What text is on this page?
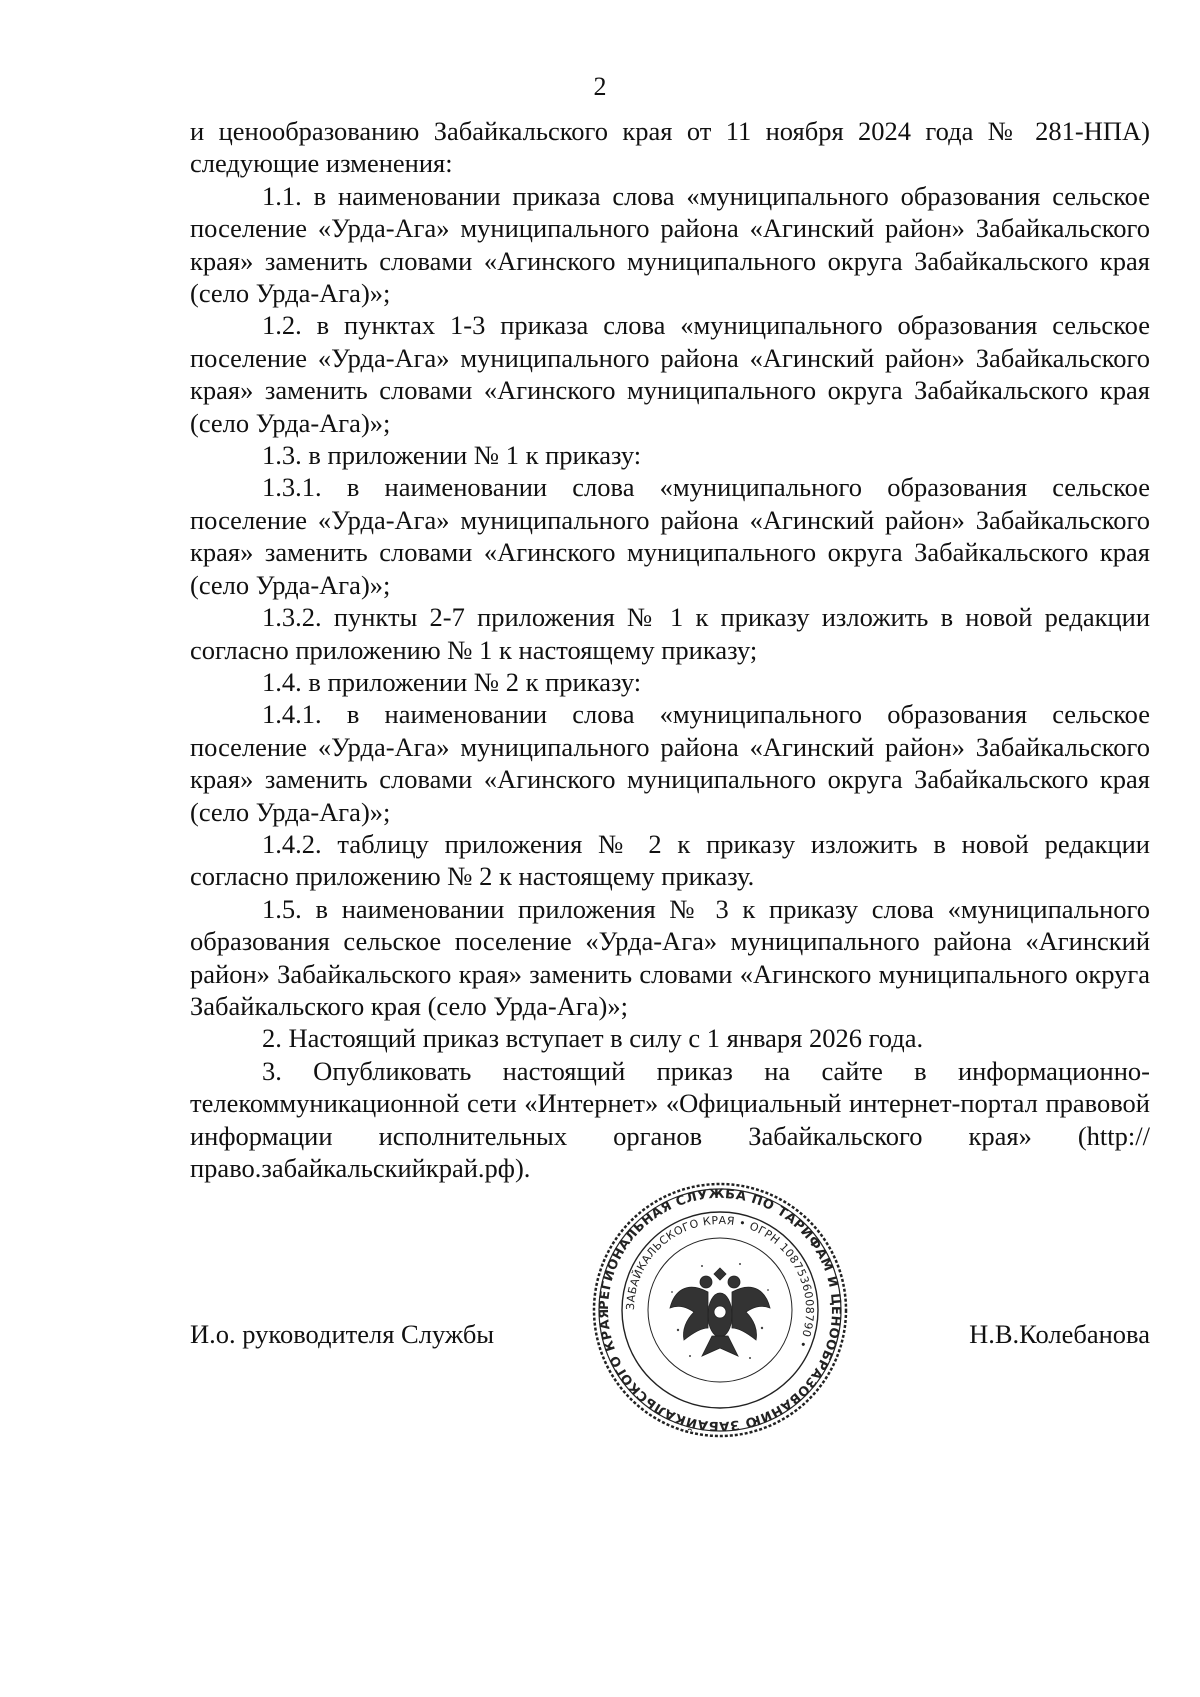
2

и ценообразованию Забайкальского края от 11 ноября 2024 года № 281-НПА) следующие изменения:

1.1. в наименовании приказа слова «муниципального образования сельское поселение «Урда-Ага» муниципального района «Агинский район» Забайкальского края» заменить словами «Агинского муниципального округа Забайкальского края (село Урда-Ага)»;

1.2. в пунктах 1-3 приказа слова «муниципального образования сельское поселение «Урда-Ага» муниципального района «Агинский район» Забайкальского края» заменить словами «Агинского муниципального округа Забайкальского края (село Урда-Ага)»;

1.3. в приложении № 1 к приказу:

1.3.1. в наименовании слова «муниципального образования сельское поселение «Урда-Ага» муниципального района «Агинский район» Забайкальского края» заменить словами «Агинского муниципального округа Забайкальского края (село Урда-Ага)»;

1.3.2. пункты 2-7 приложения № 1 к приказу изложить в новой редакции согласно приложению № 1 к настоящему приказу;

1.4. в приложении № 2 к приказу:

1.4.1. в наименовании слова «муниципального образования сельское поселение «Урда-Ага» муниципального района «Агинский район» Забайкальского края» заменить словами «Агинского муниципального округа Забайкальского края (село Урда-Ага)»;

1.4.2. таблицу приложения № 2 к приказу изложить в новой редакции согласно приложению № 2 к настоящему приказу.

1.5. в наименовании приложения № 3 к приказу слова «муниципального образования сельское поселение «Урда-Ага» муниципального района «Агинский район» Забайкальского края» заменить словами «Агинского муниципального округа Забайкальского края (село Урда-Ага)»;

2. Настоящий приказ вступает в силу с 1 января 2026 года.

3. Опубликовать настоящий приказ на сайте в информационно-телекоммуникационной сети «Интернет» «Официальный интернет-портал правовой информации исполнительных органов Забайкальского края» (http://право.забайкальскийкрай.рф).

И.о. руководителя Службы	Н.В.Колебанова
РЕГИОНАЛЬНАЯ СЛУЖБА ПО ТАРИФАМ И ЦЕНООБРАЗОВАНИЮ ЗАБАЙКАЛЬСКОГО КРАЯ
ЗАБАЙКАЛЬСКОГО КРАЯ • ОГРН 1087536008790 •
